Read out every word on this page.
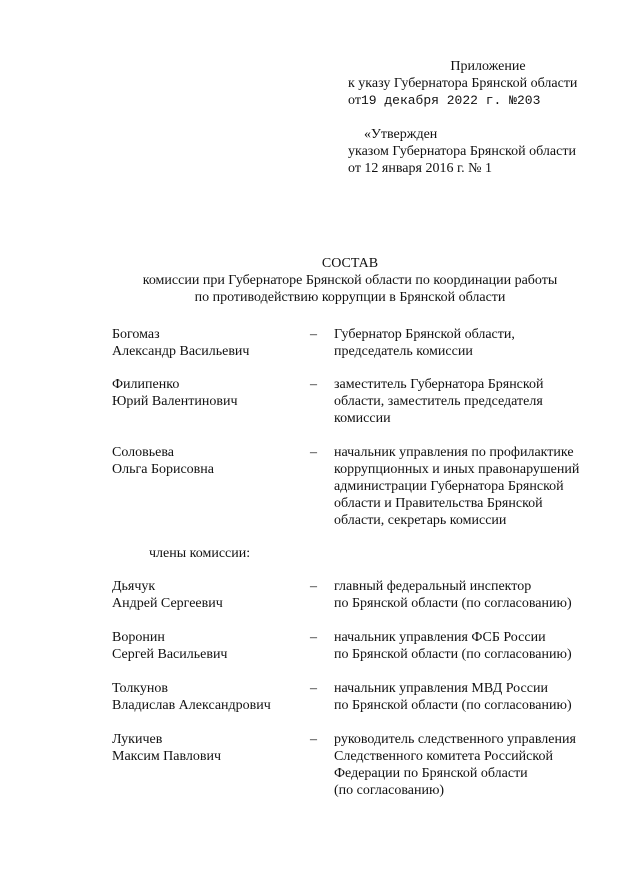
Приложение
к указу Губернатора Брянской области
от19 декабря 2022 г. №203
«Утвержден
указом Губернатора Брянской области
от 12 января 2016 г. № 1
СОСТАВ
комиссии при Губернаторе Брянской области по координации работы
по противодействию коррупции в Брянской области
Богомаз
Александр Васильевич
–	Губернатор Брянской области,
председатель комиссии
Филипенко
Юрий Валентинович
–	заместитель Губернатора Брянской
области, заместитель председателя
комиссии
Соловьева
Ольга Борисовна
–	начальник управления по профилактике
коррупционных и иных правонарушений
администрации Губернатора Брянской
области и Правительства Брянской
области, секретарь комиссии
члены комиссии:
Дьячук
Андрей Сергеевич
–	главный федеральный инспектор
по Брянской области (по согласованию)
Воронин
Сергей Васильевич
–	начальник управления ФСБ России
по Брянской области (по согласованию)
Толкунов
Владислав Александрович
–	начальник управления МВД России
по Брянской области (по согласованию)
Лукичев
Максим Павлович
–	руководитель следственного управления
Следственного комитета Российской
Федерации по Брянской области
(по согласованию)
